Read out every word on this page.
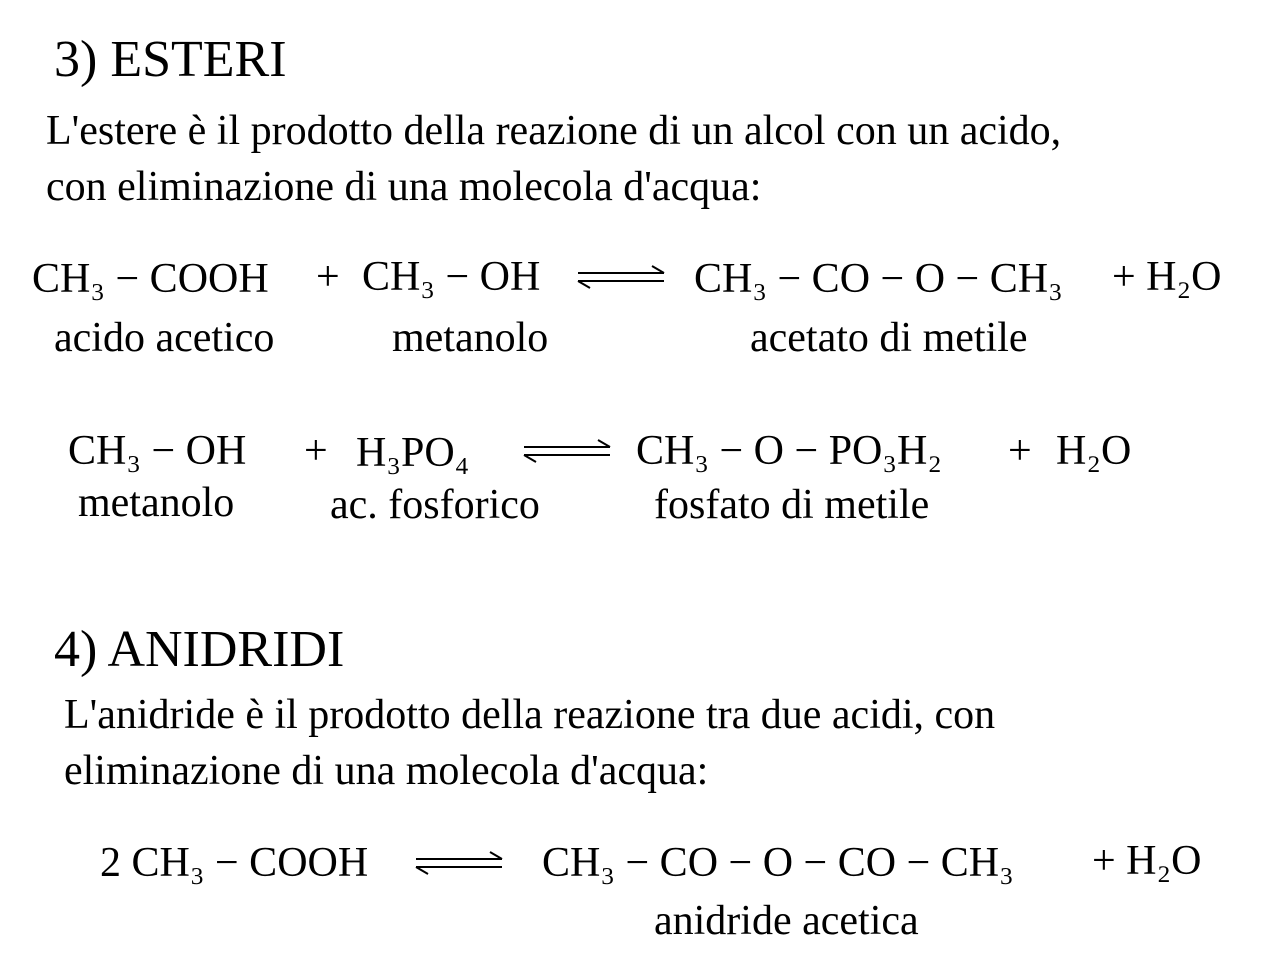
3) ESTERI
L'estere è il prodotto della reazione di un alcol con un acido,
con eliminazione di una molecola d'acqua:
CH₃ − COOH + CH₃ − OH	CH₃ − CO − O − CH₃ + H₂O
acido acetico	metanolo	acetato di metile
CH₃ − OH + H₃PO₄	CH₃ − O − PO₃H₂ + H₂O
metanolo ac. fosforico	fosfato di metile
4) ANIDRIDI
L'anidride è il prodotto della reazione tra due acidi, con
eliminazione di una molecola d'acqua:
2 CH₃ − COOH	CH₃ − CO − O − CO − CH₃ + H₂O
anidride acetica
